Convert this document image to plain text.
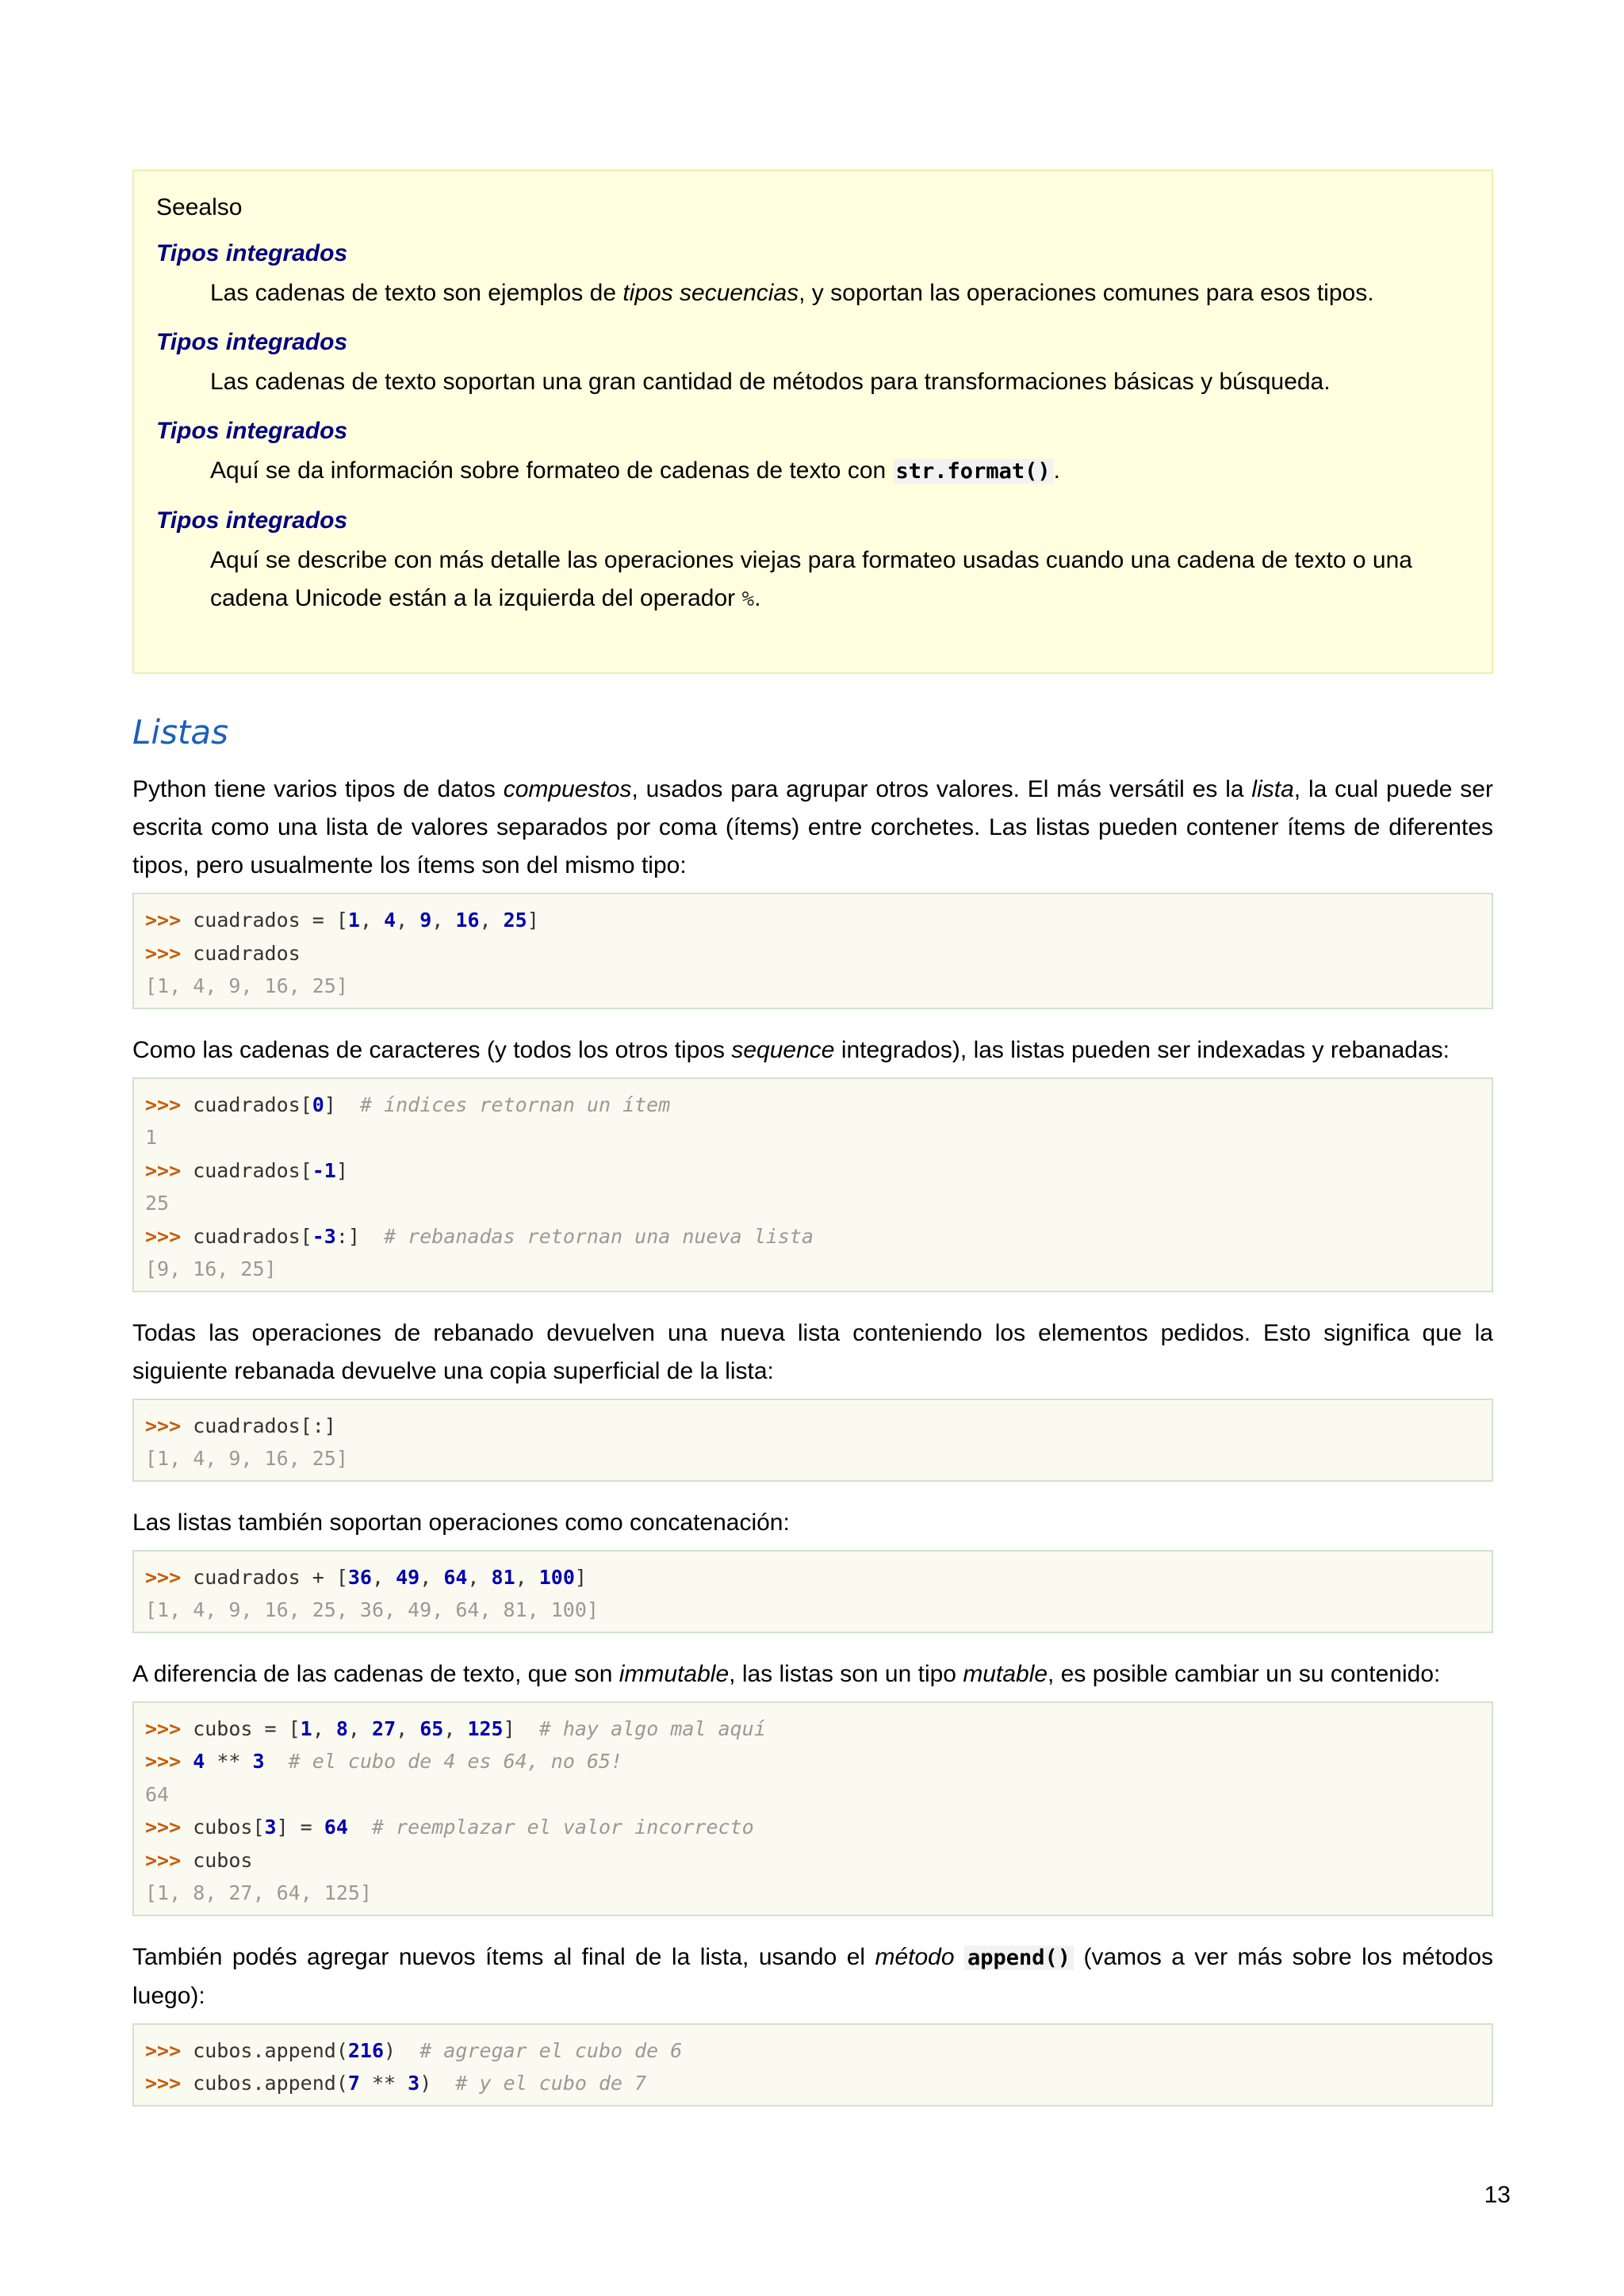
Seealso

Tipos integrados

Las cadenas de texto son ejemplos de tipos secuencias, y soportan las operaciones comunes para esos tipos.

Tipos integrados

Las cadenas de texto soportan una gran cantidad de métodos para transformaciones básicas y búsqueda.

Tipos integrados

Aquí se da información sobre formateo de cadenas de texto con str.format() .

Tipos integrados

Aquí se describe con más detalle las operaciones viejas para formateo usadas cuando una cadena de texto o una cadena Unicode están a la izquierda del operador %.

Listas

Python tiene varios tipos de datos compuestos, usados para agrupar otros valores. El más versátil es la lista, la cual puede ser escrita como una lista de valores separados por coma (ítems) entre corchetes. Las listas pueden contener ítems de diferentes tipos, pero usualmente los ítems son del mismo tipo:

>>> cuadrados = [1, 4, 9, 16, 25]
>>> cuadrados
[1, 4, 9, 16, 25]

Como las cadenas de caracteres (y todos los otros tipos sequence integrados), las listas pueden ser indexadas y rebanadas:

>>> cuadrados[0]  # índices retornan un ítem
1
>>> cuadrados[-1]
25
>>> cuadrados[-3:]  # rebanadas retornan una nueva lista
[9, 16, 25]

Todas las operaciones de rebanado devuelven una nueva lista conteniendo los elementos pedidos. Esto significa que la siguiente rebanada devuelve una copia superficial de la lista:

>>> cuadrados[:]
[1, 4, 9, 16, 25]

Las listas también soportan operaciones como concatenación:

>>> cuadrados + [36, 49, 64, 81, 100]
[1, 4, 9, 16, 25, 36, 49, 64, 81, 100]

A diferencia de las cadenas de texto, que son immutable, las listas son un tipo mutable, es posible cambiar un su contenido:

>>> cubos = [1, 8, 27, 65, 125]  # hay algo mal aquí
>>> 4 ** 3 # el cubo de 4 es 64, no 65!
64
>>> cubos[3] = 64 # reemplazar el valor incorrecto
>>> cubos
[1, 8, 27, 64, 125]

También podés agregar nuevos ítems al final de la lista, usando el método append() (vamos a ver más sobre los métodos luego):

>>> cubos.append(216)  # agregar el cubo de 6
>>> cubos.append(7 ** 3)  # y el cubo de 7
13
